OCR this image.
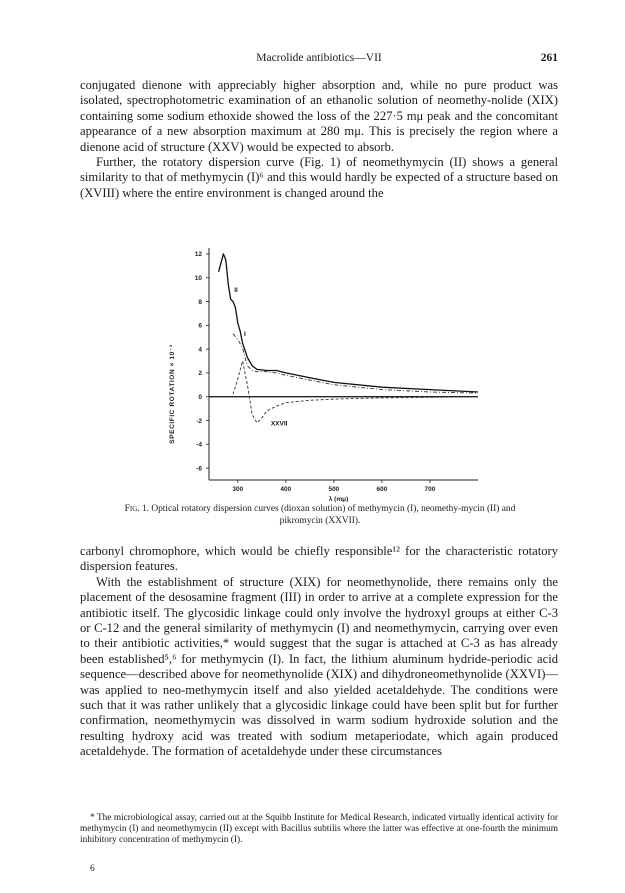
Macrolide antibiotics—VII	261

conjugated dienone with appreciably higher absorption and, while no pure product was isolated, spectrophotometric examination of an ethanolic solution of neomethy-nolide (XIX) containing some sodium ethoxide showed the loss of the 227·5 mμ peak and the concomitant appearance of a new absorption maximum at 280 mμ. This is precisely the region where a dienone acid of structure (XXV) would be expected to absorb.

Further, the rotatory dispersion curve (Fig. 1) of neomethymycin (II) shows a general similarity to that of methymycin (I)⁶ and this would hardly be expected of a structure based on (XVIII) where the entire environment is changed around the

12
10
8
6
4
2
0
-2
-4
-6
300	400	500	600	700
λ (mμ)
SPECIFIC ROTATION × 10⁻³
II
I
XXVII
Fig. 1. Optical rotatory dispersion curves (dioxan solution) of methymycin (I), neomethy-mycin (II) and pikromycin (XXVII).

carbonyl chromophore, which would be chiefly responsible¹² for the characteristic rotatory dispersion features.

With the establishment of structure (XIX) for neomethynolide, there remains only the placement of the desosamine fragment (III) in order to arrive at a complete expression for the antibiotic itself. The glycosidic linkage could only involve the hydroxyl groups at either C-3 or C-12 and the general similarity of methymycin (I) and neomethymycin, carrying over even to their antibiotic activities,* would suggest that the sugar is attached at C-3 as has already been established⁵,⁶ for methymycin (I). In fact, the lithium aluminum hydride-periodic acid sequence—described above for neomethynolide (XIX) and dihydroneomethynolide (XXVI)—was applied to neo-methymycin itself and also yielded acetaldehyde. The conditions were such that it was rather unlikely that a glycosidic linkage could have been split but for further confirmation, neomethymycin was dissolved in warm sodium hydroxide solution and the resulting hydroxy acid was treated with sodium metaperiodate, which again produced acetaldehyde. The formation of acetaldehyde under these circumstances

* The microbiological assay, carried out at the Squibb Institute for Medical Research, indicated virtually identical activity for methymycin (I) and neomethymycin (II) except with Bacillus subtilis where the latter was effective at one-fourth the minimum inhibitory concentration of methymycin (I).

6
